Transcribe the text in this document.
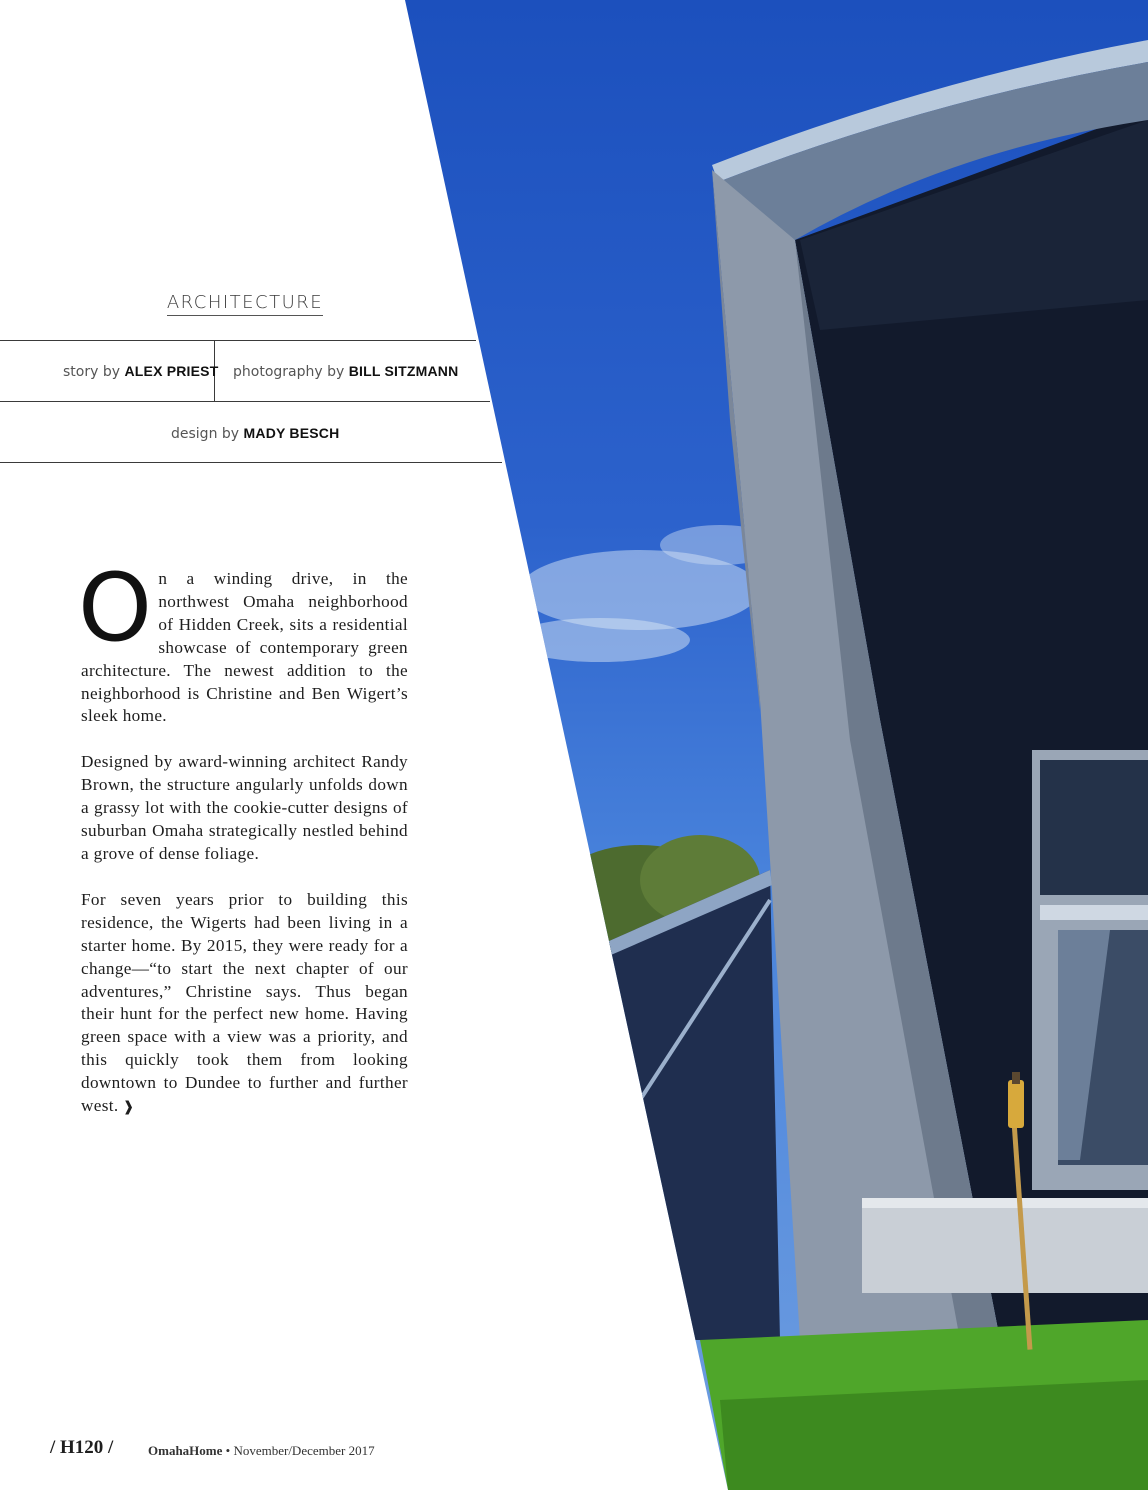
ARCHITECTURE
story by ALEX PRIEST photography by BILL SITZMANN
design by MADY BESCH

On a winding drive, in the northwest Omaha neighborhood of Hidden Creek, sits a residential showcase of contemporary green architecture. The newest addition to the neighborhood is Christine and Ben Wigert’s sleek home.

Designed by award-winning architect Randy Brown, the structure angularly unfolds down a grassy lot with the cookie-cutter designs of suburban Omaha strategically nestled behind a grove of dense foliage.

For seven years prior to building this residence, the Wigerts had been living in a starter home. By 2015, they were ready for a change—“to start the next chapter of our adventures,” Christine says. Thus began their hunt for the perfect new home. Having green space with a view was a priority, and this quickly took them from looking downtown to Dundee to further and further west. ❱

/ H120 /	OmahaHome • November/December 2017
